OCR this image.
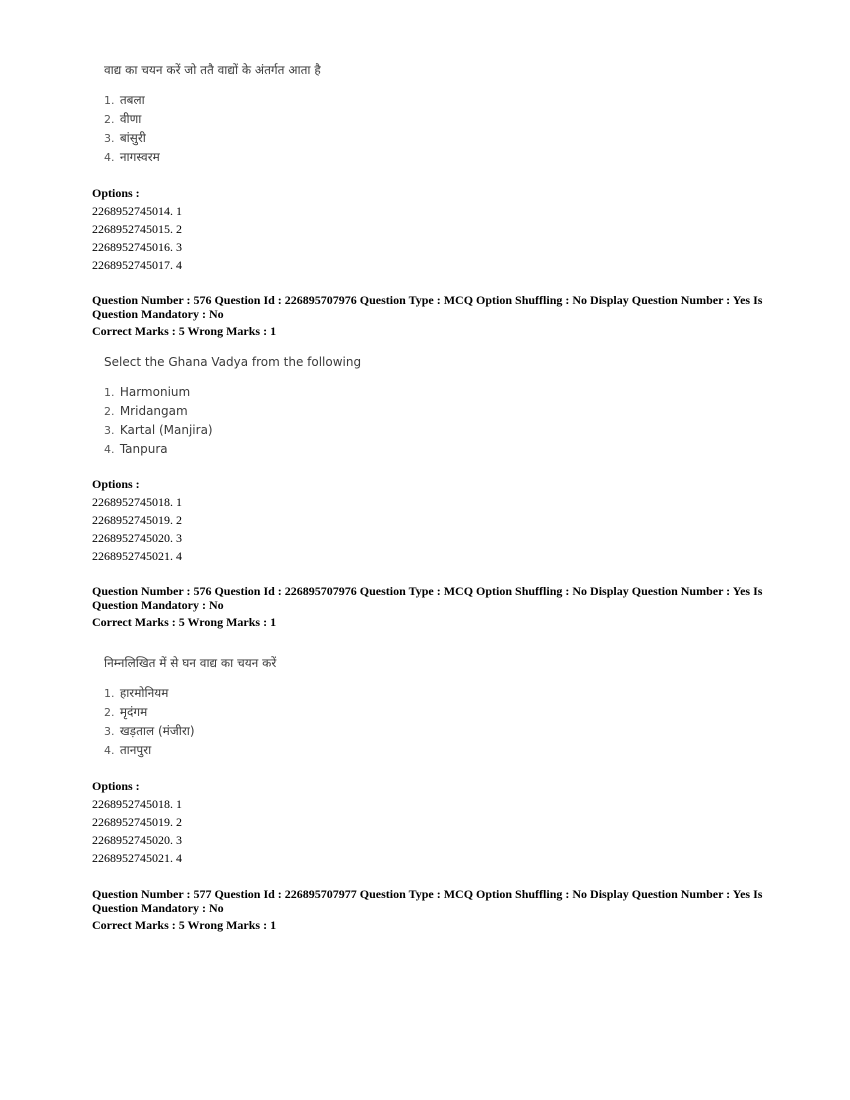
वाद्य का चयन करें जो ततै वाद्यों के अंतर्गत आता है
1. तबला
2. वीणा
3. बांसुरी
4. नागस्वरम
Options :
2268952745014. 1
2268952745015. 2
2268952745016. 3
2268952745017. 4
Question Number : 576 Question Id : 226895707976 Question Type : MCQ Option Shuffling : No Display Question Number : Yes Is
Question Mandatory : No
Correct Marks : 5 Wrong Marks : 1
Select the Ghana Vadya from the following
1. Harmonium
2. Mridangam
3. Kartal (Manjira)
4. Tanpura
Options :
2268952745018. 1
2268952745019. 2
2268952745020. 3
2268952745021. 4
Question Number : 576 Question Id : 226895707976 Question Type : MCQ Option Shuffling : No Display Question Number : Yes Is
Question Mandatory : No
Correct Marks : 5 Wrong Marks : 1
निम्नलिखित में से घन वाद्य का चयन करें
1. हारमोनियम
2. मृदंगम
3. खड़ताल (मंजीरा)
4. तानपुरा
Options :
2268952745018. 1
2268952745019. 2
2268952745020. 3
2268952745021. 4
Question Number : 577 Question Id : 226895707977 Question Type : MCQ Option Shuffling : No Display Question Number : Yes Is
Question Mandatory : No
Correct Marks : 5 Wrong Marks : 1
